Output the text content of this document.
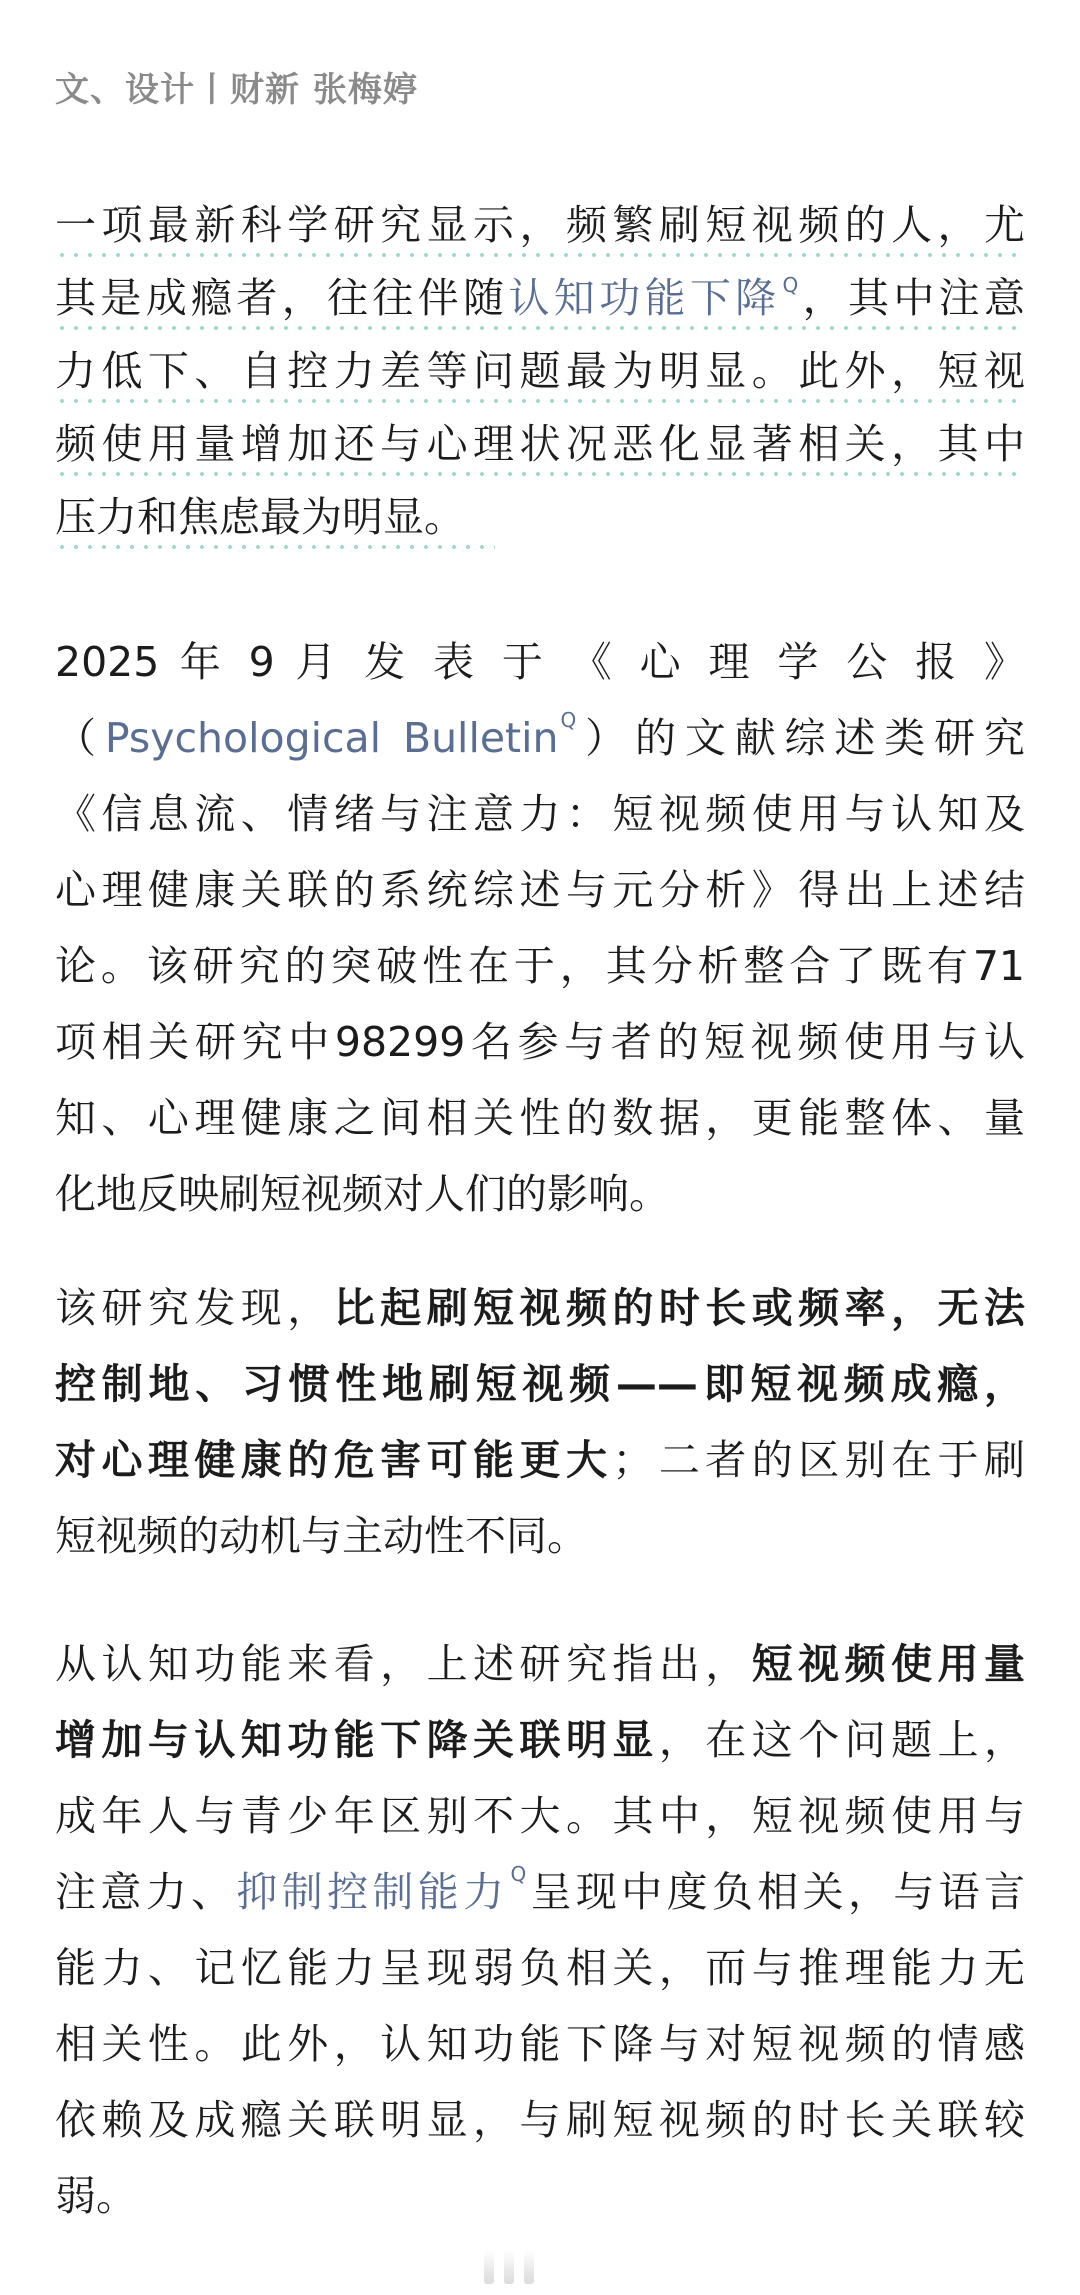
文、设计丨财新 张梅婷
一项最新科学研究显示，频繁刷短视频的人，尤
其是成瘾者，往往伴随认知功能下降 $^Q$，其中注意
力低下、自控力差等问题最为明显。此外，短视
频使用量增加还与心理状况恶化显著相关，其中
压力和焦虑最为明显。
2025 年 9 月 发 表 于 《 心 理 学 公 报 》
（Psychological Bulletin $^Q$）的文献综述类研究
《信息流、情绪与注意力：短视频使用与认知及
心理健康关联的系统综述与元分析》得出上述结
论。该研究的突破性在于，其分析整合了既有71
项相关研究中98299名参与者的短视频使用与认
知、心理健康之间相关性的数据，更能整体、量
化地反映刷短视频对人们的影响。
该研究发现，比起刷短视频的时长或频率，无法
控制地、习惯性地刷短视频——即短视频成瘾，
对心理健康的危害可能更大；二者的区别在于刷
短视频的动机与主动性不同。
从认知功能来看，上述研究指出，短视频使用量
增加与认知功能下降关联明显，在这个问题上，
成年人与青少年区别不大。其中，短视频使用与
注意力、抑制控制能力 $^Q$呈现中度负相关，与语言
能力、记忆能力呈现弱负相关，而与推理能力无
相关性。此外，认知功能下降与对短视频的情感
依赖及成瘾关联明显，与刷短视频的时长关联较
弱。
